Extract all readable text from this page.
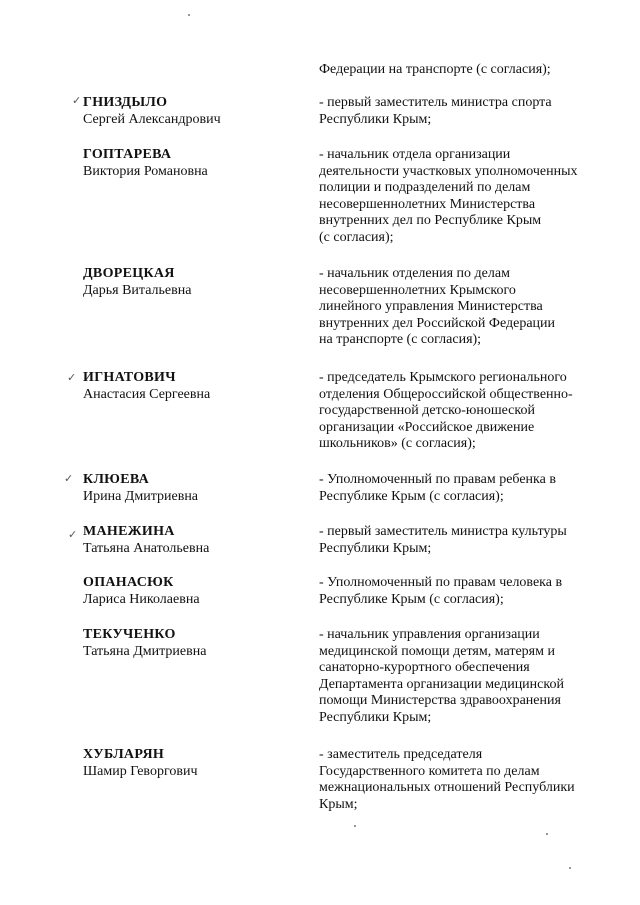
Федерации на транспорте (с согласия);
✓ ГНИЗДЫЛО
Сергей Александрович
- первый заместитель министра спорта
Республики Крым;
ГОПТАРЕВА
Виктория Романовна
- начальник отдела организации
деятельности участковых уполномоченных
полиции и подразделений по делам
несовершеннолетних Министерства
внутренних дел по Республике Крым
(с согласия);
ДВОРЕЦКАЯ
Дарья Витальевна
- начальник отделения по делам
несовершеннолетних Крымского
линейного управления Министерства
внутренних дел Российской Федерации
на транспорте (с согласия);
✓ ИГНАТОВИЧ
Анастасия Сергеевна
- председатель Крымского регионального
отделения Общероссийской общественно-
государственной детско-юношеской
организации «Российское движение
школьников» (с согласия);
✓ КЛЮЕВА
Ирина Дмитриевна
- Уполномоченный по правам ребенка в
Республике Крым (с согласия);
✓ МАНЕЖИНА
Татьяна Анатольевна
- первый заместитель министра культуры
Республики Крым;
ОПАНАСЮК
Лариса Николаевна
- Уполномоченный по правам человека в
Республике Крым (с согласия);
ТЕКУЧЕНКО
Татьяна Дмитриевна
- начальник управления организации
медицинской помощи детям, матерям и
санаторно-курортного обеспечения
Департамента организации медицинской
помощи Министерства здравоохранения
Республики Крым;
ХУБЛАРЯН
Шамир Геворгович
- заместитель председателя
Государственного комитета по делам
межнациональных отношений Республики
Крым;
